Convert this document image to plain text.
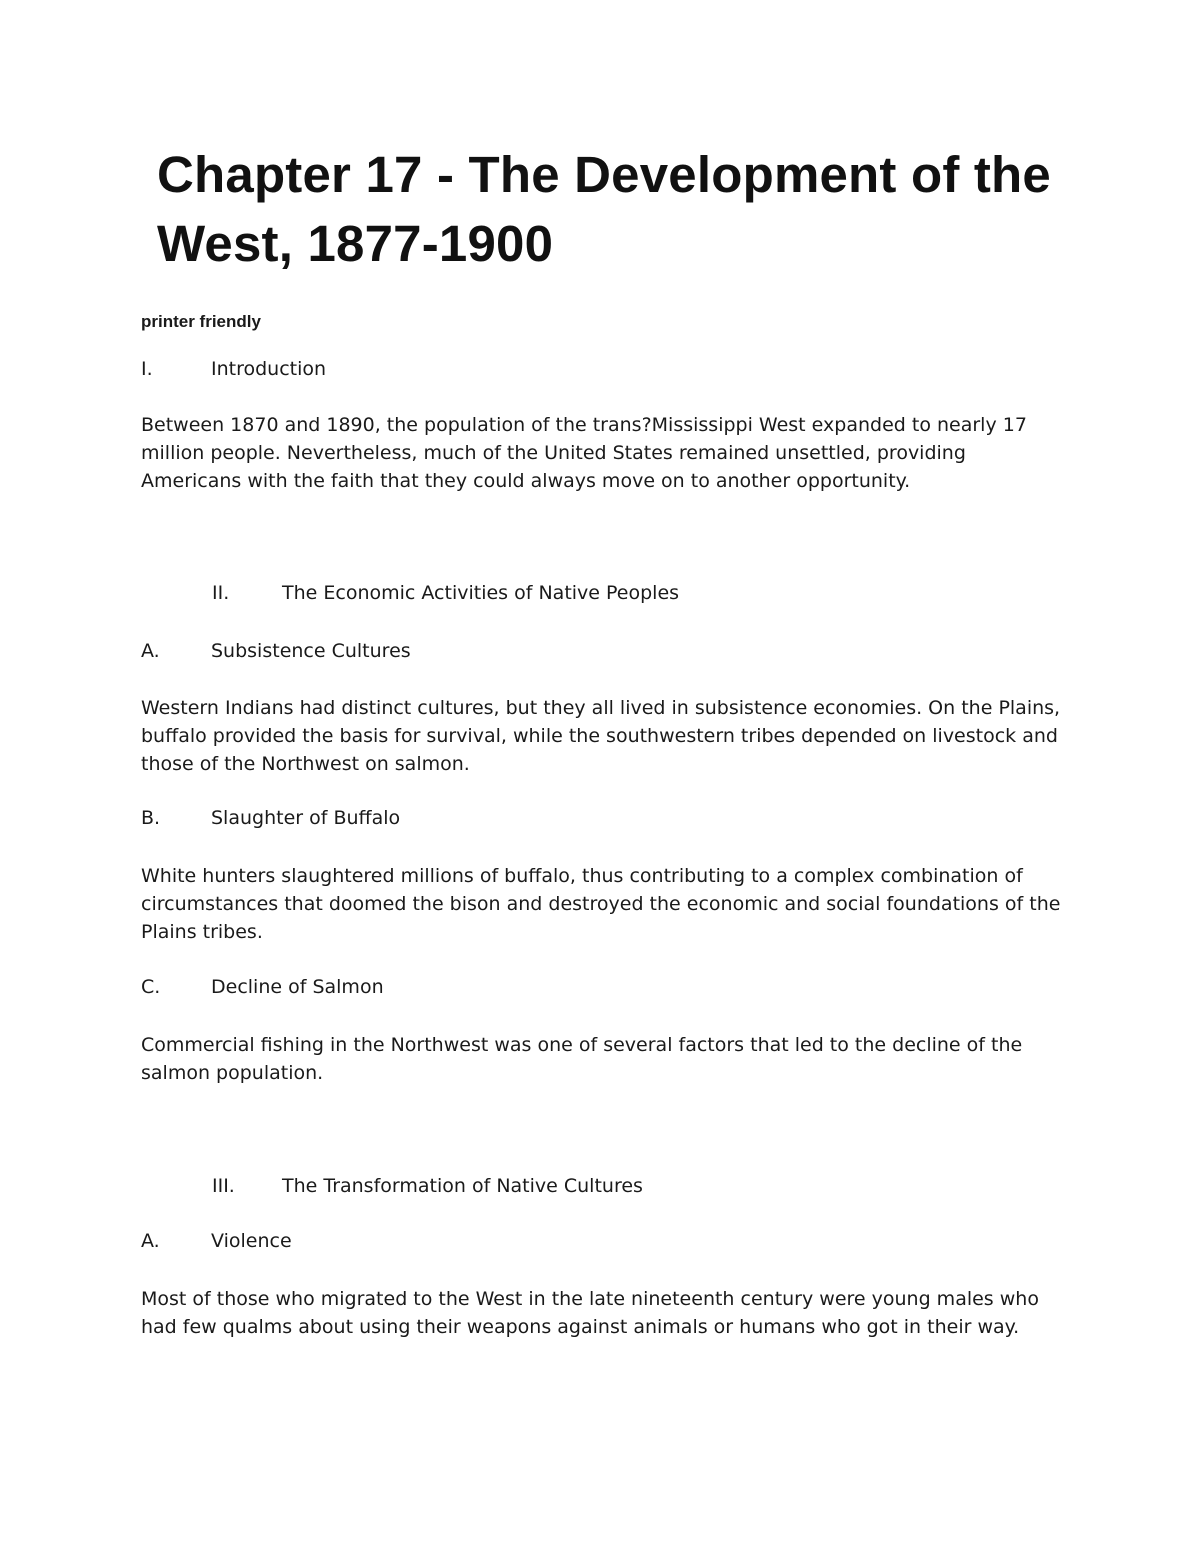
Chapter 17 - The Development of the West, 1877-1900
printer friendly
I.	Introduction

Between 1870 and 1890, the population of the trans?Mississippi West expanded to nearly 17 million people. Nevertheless, much of the United States remained unsettled, providing Americans with the faith that they could always move on to another opportunity.

II.	The Economic Activities of Native Peoples
A.	Subsistence Cultures

Western Indians had distinct cultures, but they all lived in subsistence economies. On the Plains, buffalo provided the basis for survival, while the southwestern tribes depended on livestock and those of the Northwest on salmon.

B.	Slaughter of Buffalo

White hunters slaughtered millions of buffalo, thus contributing to a complex combination of circumstances that doomed the bison and destroyed the economic and social foundations of the Plains tribes.

C.	Decline of Salmon

Commercial fishing in the Northwest was one of several factors that led to the decline of the salmon population.

III. The Transformation of Native Cultures
A.	Violence

Most of those who migrated to the West in the late nineteenth century were young males who had few qualms about using their weapons against animals or humans who got in their way.
